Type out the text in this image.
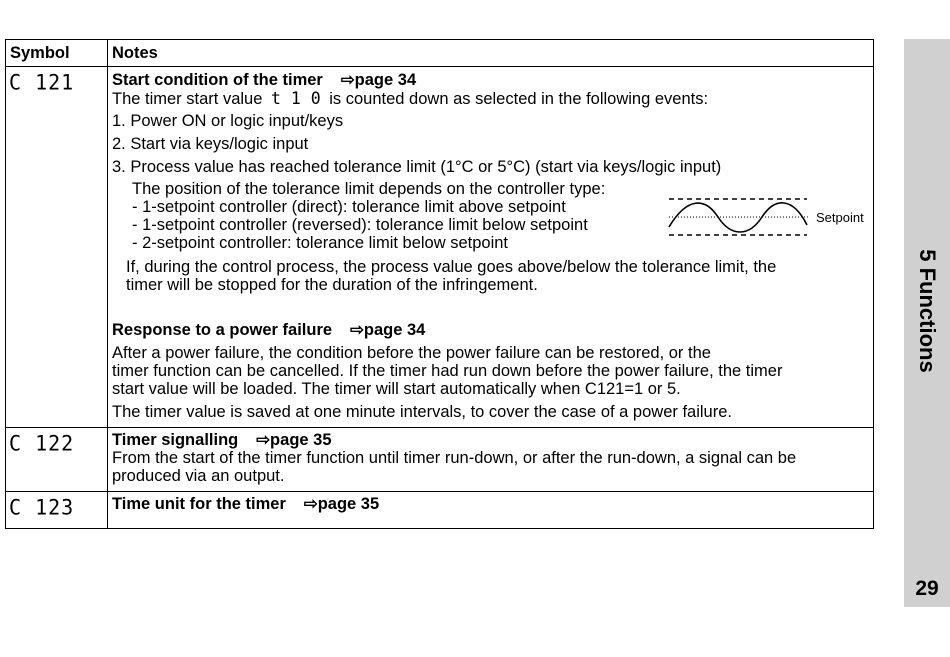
Symbol	Notes
C 121 Start condition of the timer ⇨page 34
The timer start value t 1 0 is counted down as selected in the following events:
1. Power ON or logic input/keys
2. Start via keys/logic input
3. Process value has reached tolerance limit (1°C or 5°C) (start via keys/logic input)
The position of the tolerance limit depends on the controller type:
- 1-setpoint controller (direct): tolerance limit above setpoint
- 1-setpoint controller (reversed): tolerance limit below setpoint
- 2-setpoint controller: tolerance limit below setpoint
If, during the control process, the process value goes above/below the tolerance limit, the
timer will be stopped for the duration of the infringement.
Response to a power failure ⇨page 34
After a power failure, the condition before the power failure can be restored, or the
timer function can be cancelled. If the timer had run down before the power failure, the timer
start value will be loaded. The timer will start automatically when C121=1 or 5.
The timer value is saved at one minute intervals, to cover the case of a power failure.
C 122 Timer signalling ⇨page 35
From the start of the timer function until timer run-down, or after the run-down, a signal can be
produced via an output.
C 123 Time unit for the timer ⇨page 35
Setpoint
5 Functions
29
